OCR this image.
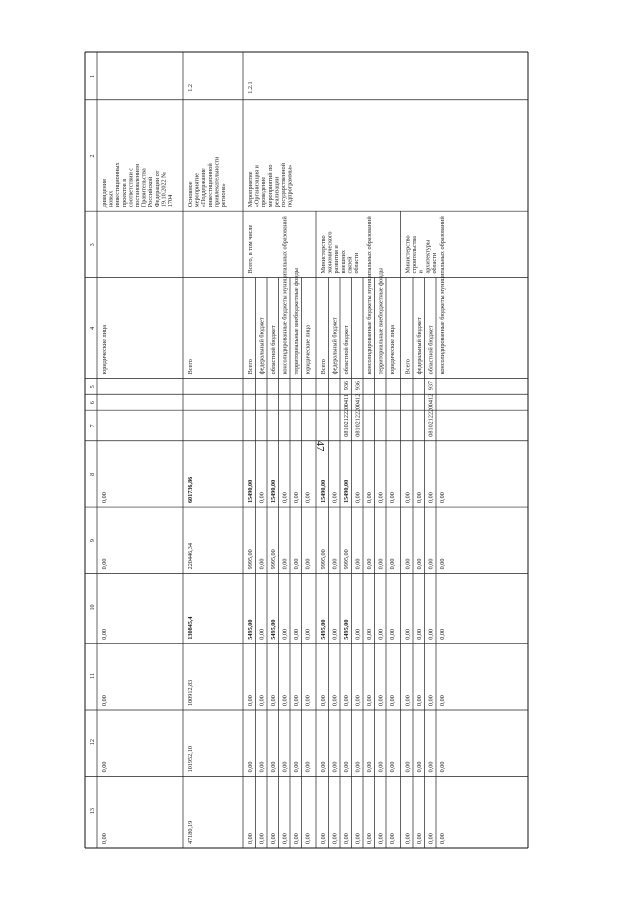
47
1
2
3
4
5
6
7
8
9
10
11
12
13
дивидения новых инвестиционных проектов в соответствии с постановлением Правительства Российской Федерации от 19.10.2022 № 1704
юридические лица
0,00
0,00
0,00
0,00
0,00
0,00
1.2
Основное мероприятие «Поддержание инвестиционной привлекательности региона»
Всего
601736,86
220446,34
130845,4
100912,83
101952,10
47180,19
1.2.1
Мероприятие «Организация и проведение мероприятий по реализации государственной подпрограммы»
Всего, в том числе
Всего
15490,00
9995,00
5495,00
0,00
0,00
0,00
федеральный бюджет
0,00
0,00
0,00
0,00
0,00
0,00
областной бюджет
15490,00
9995,00
5495,00
0,00
0,00
0,00
консолидированные бюджеты муниципальных образований
0,00
0,00
0,00
0,00
0,00
0,00
территориальные внебюджетные фонды
0,00
0,00
0,00
0,00
0,00
0,00
юридические лица
0,00
0,00
0,00
0,00
0,00
0,00
Министерство экономического развития и внешних связей области
Всего
15490,00
9995,00
5495,00
0,00
0,00
0,00
федеральный бюджет
0,00
0,00
0,00
0,00
0,00
0,00
областной бюджет
936
0411
0810212220
15490,00
9995,00
5495,00
0,00
0,00
0,00
936
0412
0810212220
0,00
0,00
0,00
0,00
0,00
0,00
консолидированные бюджеты муниципальных образований
0,00
0,00
0,00
0,00
0,00
0,00
территориальные внебюджетные фонды
0,00
0,00
0,00
0,00
0,00
0,00
юридические лица
0,00
0,00
0,00
0,00
0,00
0,00
Министерство строительства и архитектуры области
Всего
0,00
0,00
0,00
0,00
0,00
0,00
федеральный бюджет
0,00
0,00
0,00
0,00
0,00
0,00
областной бюджет
937
0412
0810212220
0,00
0,00
0,00
0,00
0,00
0,00
консолидированные бюджеты муниципальных образований
0,00
0,00
0,00
0,00
0,00
0,00
